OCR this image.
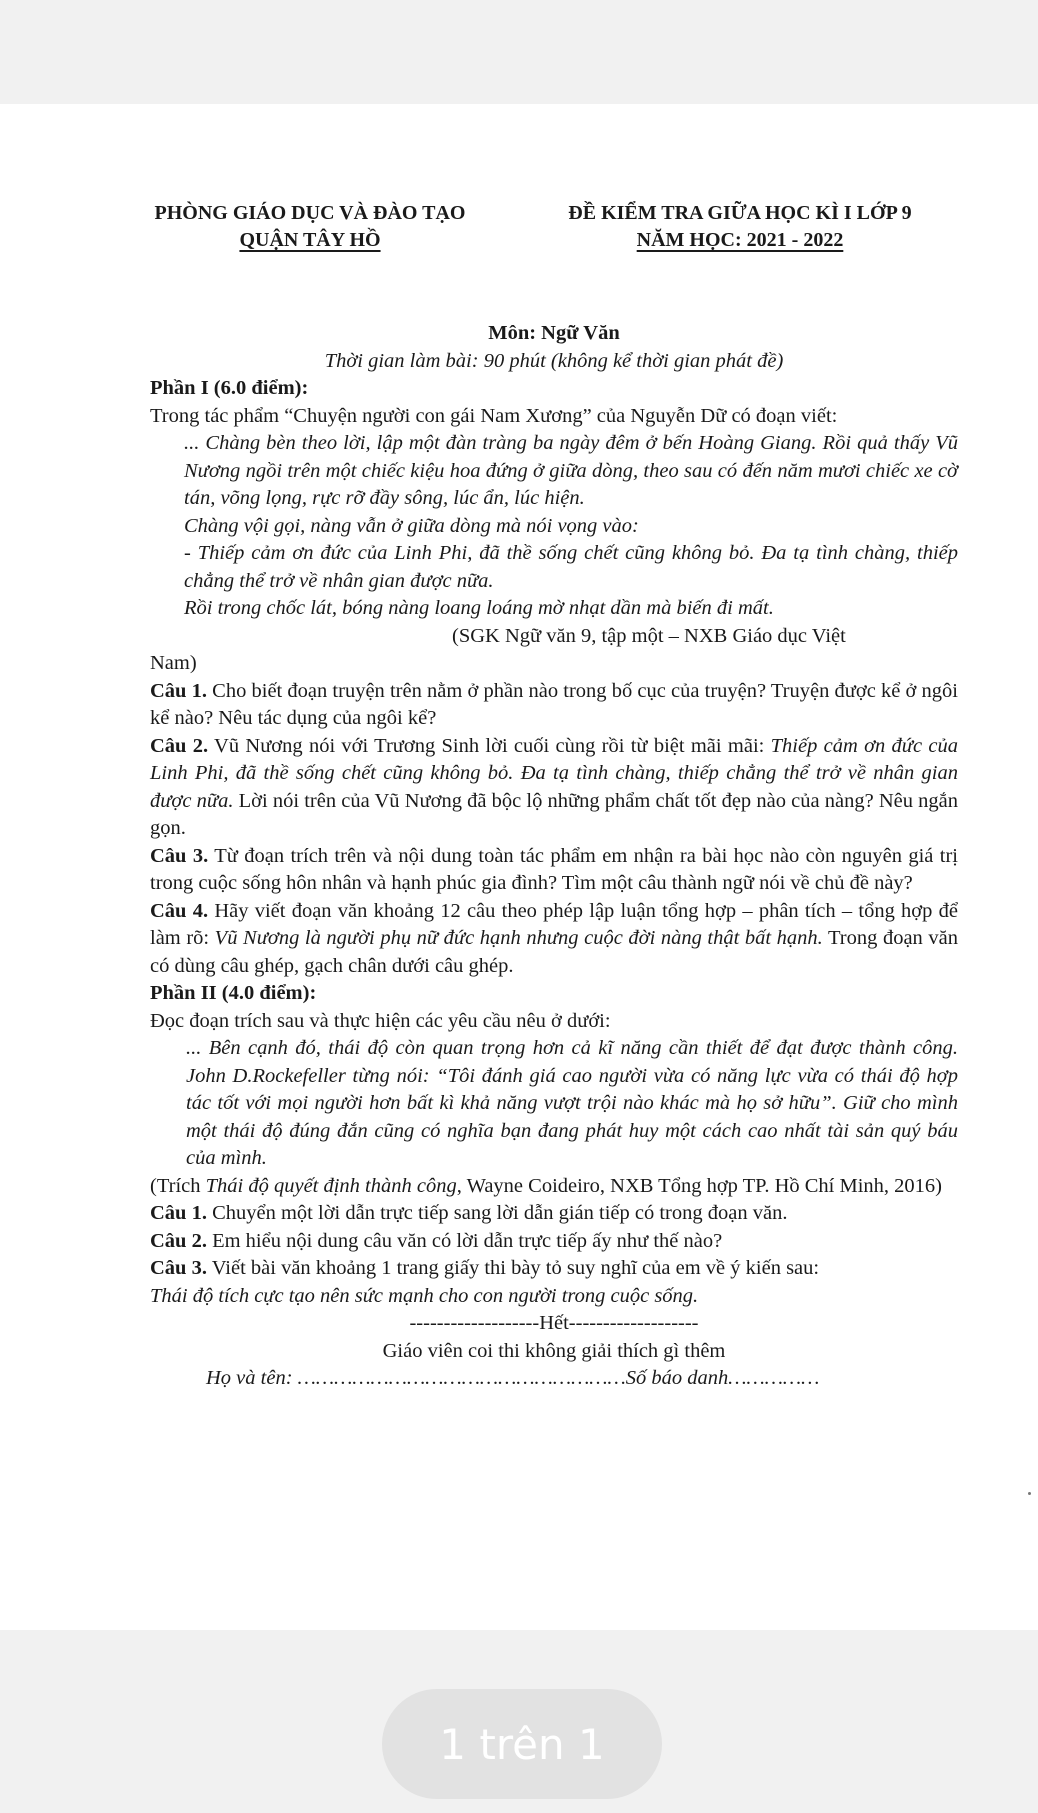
PHÒNG GIÁO DỤC VÀ ĐÀO TẠO
QUẬN TÂY HỒ
ĐỀ KIỂM TRA GIỮA HỌC KÌ I LỚP 9
NĂM HỌC: 2021 - 2022

Môn: Ngữ Văn

Thời gian làm bài: 90 phút (không kể thời gian phát đề)

Phần I (6.0 điểm):

Trong tác phẩm “Chuyện người con gái Nam Xương” của Nguyễn Dữ có đoạn viết:

... Chàng bèn theo lời, lập một đàn tràng ba ngày đêm ở bến Hoàng Giang. Rồi quả thấy Vũ Nương ngồi trên một chiếc kiệu hoa đứng ở giữa dòng, theo sau có đến năm mươi chiếc xe cờ tán, võng lọng, rực rỡ đầy sông, lúc ẩn, lúc hiện.

Chàng vội gọi, nàng vẫn ở giữa dòng mà nói vọng vào:

- Thiếp cảm ơn đức của Linh Phi, đã thề sống chết cũng không bỏ. Đa tạ tình chàng, thiếp chẳng thể trở về nhân gian được nữa.

Rồi trong chốc lát, bóng nàng loang loáng mờ nhạt dần mà biến đi mất.

(SGK Ngữ văn 9, tập một – NXB Giáo dục Việt

Nam)

Câu 1. Cho biết đoạn truyện trên nằm ở phần nào trong bố cục của truyện? Truyện được kể ở ngôi kể nào? Nêu tác dụng của ngôi kể?

Câu 2. Vũ Nương nói với Trương Sinh lời cuối cùng rồi từ biệt mãi mãi: Thiếp cảm ơn đức của Linh Phi, đã thề sống chết cũng không bỏ. Đa tạ tình chàng, thiếp chẳng thể trở về nhân gian được nữa. Lời nói trên của Vũ Nương đã bộc lộ những phẩm chất tốt đẹp nào của nàng? Nêu ngắn gọn.

Câu 3. Từ đoạn trích trên và nội dung toàn tác phẩm em nhận ra bài học nào còn nguyên giá trị trong cuộc sống hôn nhân và hạnh phúc gia đình? Tìm một câu thành ngữ nói về chủ đề này?

Câu 4. Hãy viết đoạn văn khoảng 12 câu theo phép lập luận tổng hợp – phân tích – tổng hợp để làm rõ: Vũ Nương là người phụ nữ đức hạnh nhưng cuộc đời nàng thật bất hạnh. Trong đoạn văn có dùng câu ghép, gạch chân dưới câu ghép.

Phần II (4.0 điểm):

Đọc đoạn trích sau và thực hiện các yêu cầu nêu ở dưới:

... Bên cạnh đó, thái độ còn quan trọng hơn cả kĩ năng cần thiết để đạt được thành công. John D.Rockefeller từng nói: “Tôi đánh giá cao người vừa có năng lực vừa có thái độ hợp tác tốt với mọi người hơn bất kì khả năng vượt trội nào khác mà họ sở hữu”. Giữ cho mình một thái độ đúng đắn cũng có nghĩa bạn đang phát huy một cách cao nhất tài sản quý báu của mình.

(Trích Thái độ quyết định thành công, Wayne Coideiro, NXB Tổng hợp TP. Hồ Chí Minh, 2016)

Câu 1. Chuyển một lời dẫn trực tiếp sang lời dẫn gián tiếp có trong đoạn văn.

Câu 2. Em hiểu nội dung câu văn có lời dẫn trực tiếp ấy như thế nào?

Câu 3. Viết bài văn khoảng 1 trang giấy thi bày tỏ suy nghĩ của em về ý kiến sau:

Thái độ tích cực tạo nên sức mạnh cho con người trong cuộc sống.

-------------------Hết-------------------

Giáo viên coi thi không giải thích gì thêm

Họ và tên: ………………………………………………Số báo danh……………

1 trên 1
